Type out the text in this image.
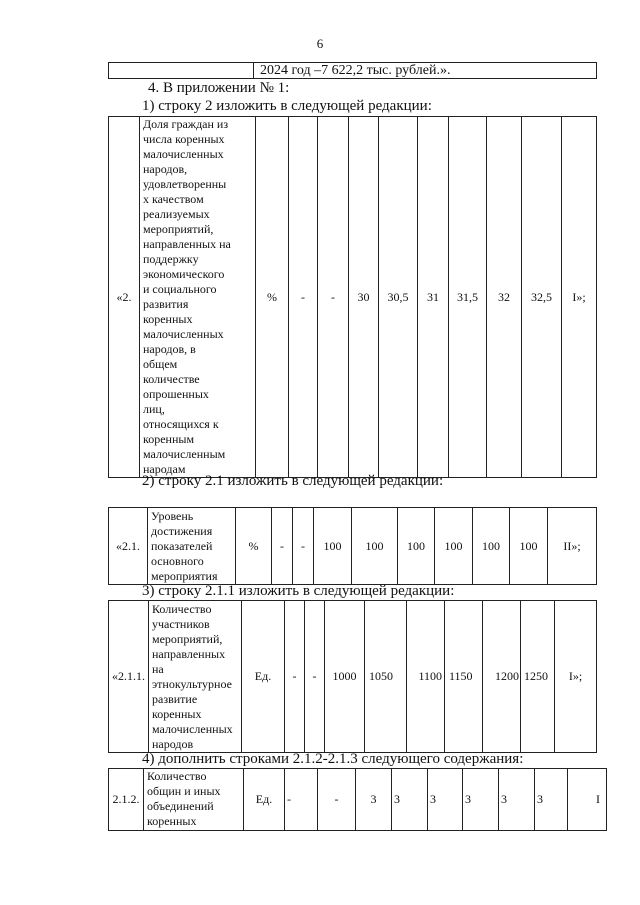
6
	2024 год –7 622,2 тыс. рублей.».
4. В приложении № 1:
1) строку 2 изложить в следующей редакции:
«2.	
Доля граждан из
числа коренных
малочисленных
народов,
удовлетворенны
х качеством
реализуемых
мероприятий,
направленных на
поддержку
экономического
и социального
развития
коренных
малочисленных
народов, в
общем
количестве
опрошенных
лиц,
относящихся к
коренным
малочисленным
народам
	%	-	-	30	30,5	31	31,5	32	32,5	I»;
2) строку 2.1 изложить в следующей редакции:
«2.1.	
Уровень
достижения
показателей
основного
мероприятия
	%	-	-	100	100	100	100	100	100	II»;
3) строку 2.1.1 изложить в следующей редакции:
«2.1.1.	
Количество
участников
мероприятий,
направленных
на
этнокультурное
развитие
коренных
малочисленных
народов
	Ед.	-	-	1000	1050	1100	1150	1200	1250	I»;
4) дополнить строками 2.1.2-2.1.3 следующего содержания:
2.1.2.	
Количество
общин и иных
объединений
коренных
	Ед.	-	-	3	3	3	3	3	3	I
